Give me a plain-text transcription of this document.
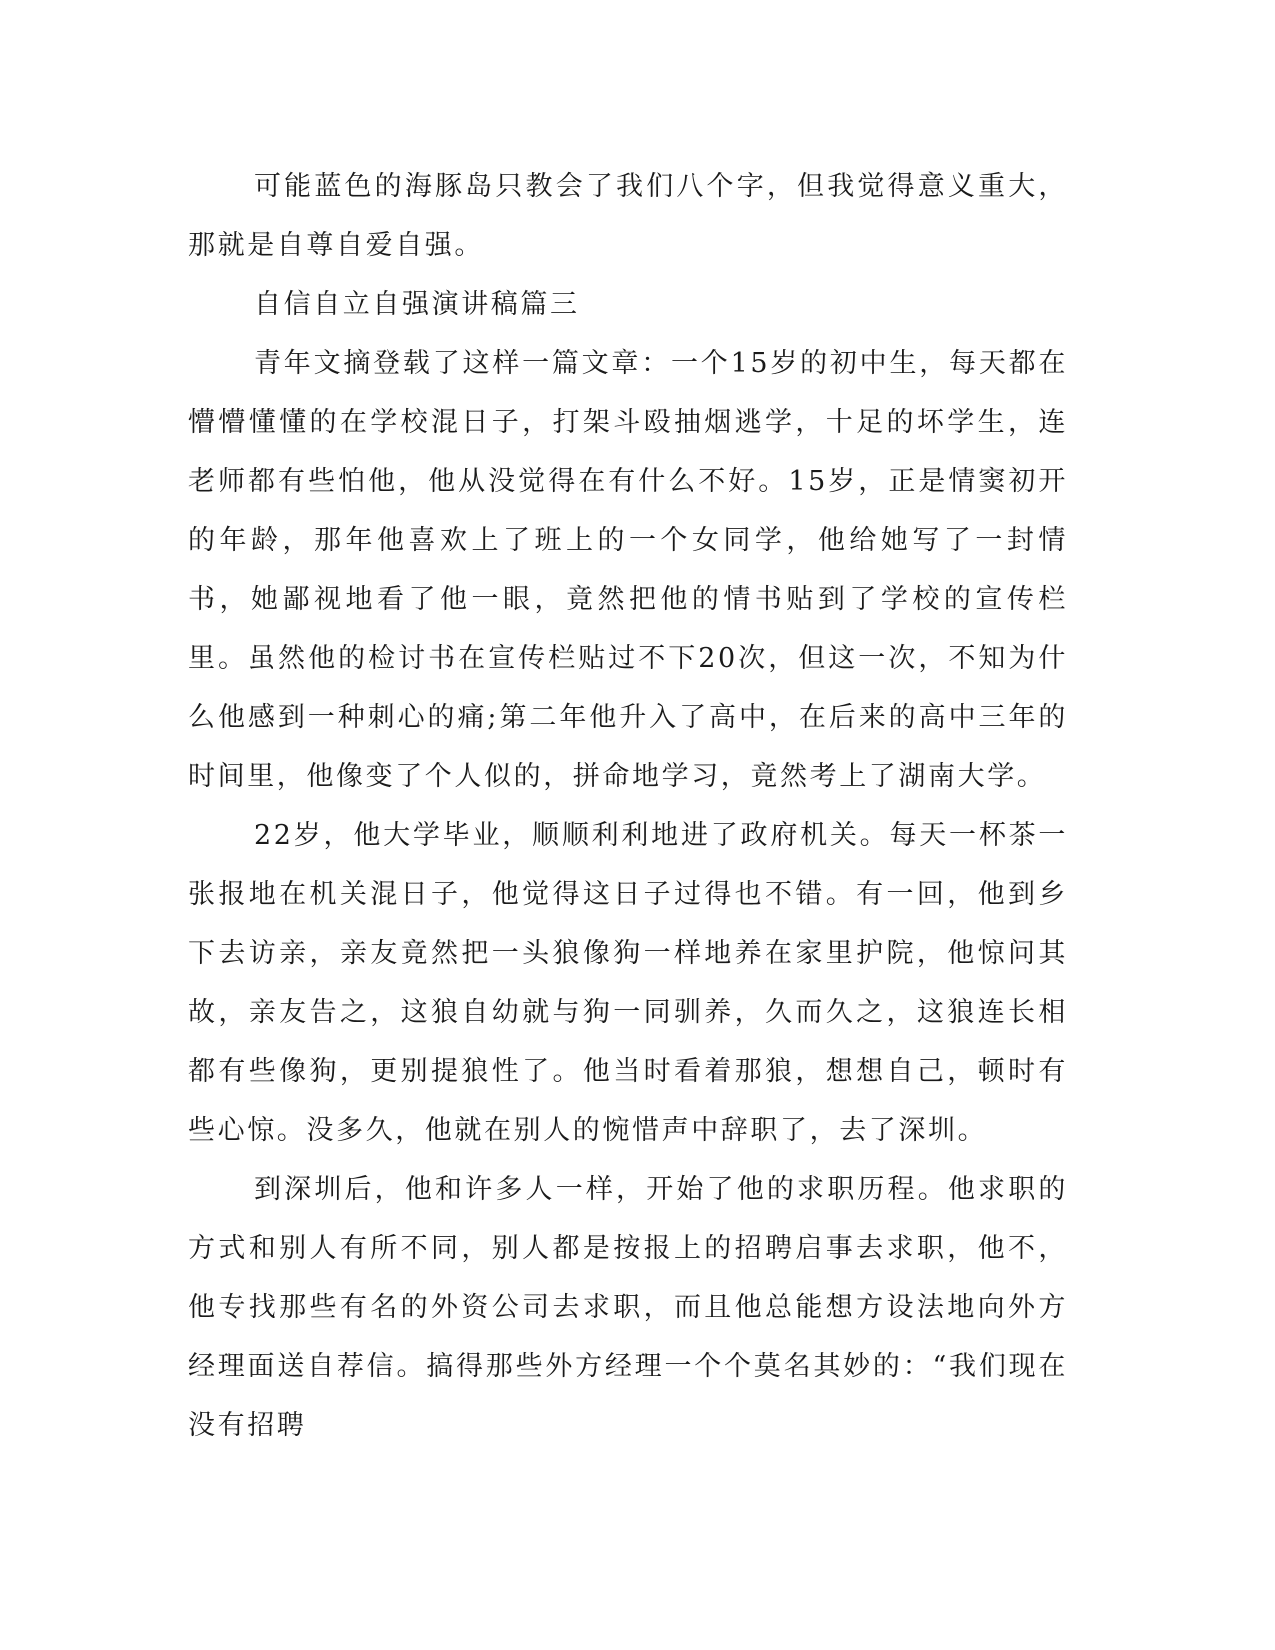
可能蓝色的海豚岛只教会了我们八个字，但我觉得意义重大，那就是自尊自爱自强。

自信自立自强演讲稿篇三

青年文摘登载了这样一篇文章：一个15岁的初中生，每天都在懵懵懂懂的在学校混日子，打架斗殴抽烟逃学，十足的坏学生，连老师都有些怕他，他从没觉得在有什么不好。15岁，正是情窦初开的年龄，那年他喜欢上了班上的一个女同学，他给她写了一封情书，她鄙视地看了他一眼，竟然把他的情书贴到了学校的宣传栏里。虽然他的检讨书在宣传栏贴过不下20次，但这一次，不知为什么他感到一种刺心的痛;第二年他升入了高中，在后来的高中三年的时间里，他像变了个人似的，拼命地学习，竟然考上了湖南大学。

22岁，他大学毕业，顺顺利利地进了政府机关。每天一杯茶一张报地在机关混日子，他觉得这日子过得也不错。有一回，他到乡下去访亲，亲友竟然把一头狼像狗一样地养在家里护院，他惊问其故，亲友告之，这狼自幼就与狗一同驯养，久而久之，这狼连长相都有些像狗，更别提狼性了。他当时看着那狼，想想自己，顿时有些心惊。没多久，他就在别人的惋惜声中辞职了，去了深圳。

到深圳后，他和许多人一样，开始了他的求职历程。他求职的方式和别人有所不同，别人都是按报上的招聘启事去求职，他不，他专找那些有名的外资公司去求职，而且他总能想方设法地向外方经理面送自荐信。搞得那些外方经理一个个莫名其妙的：“我们现在没有招聘
